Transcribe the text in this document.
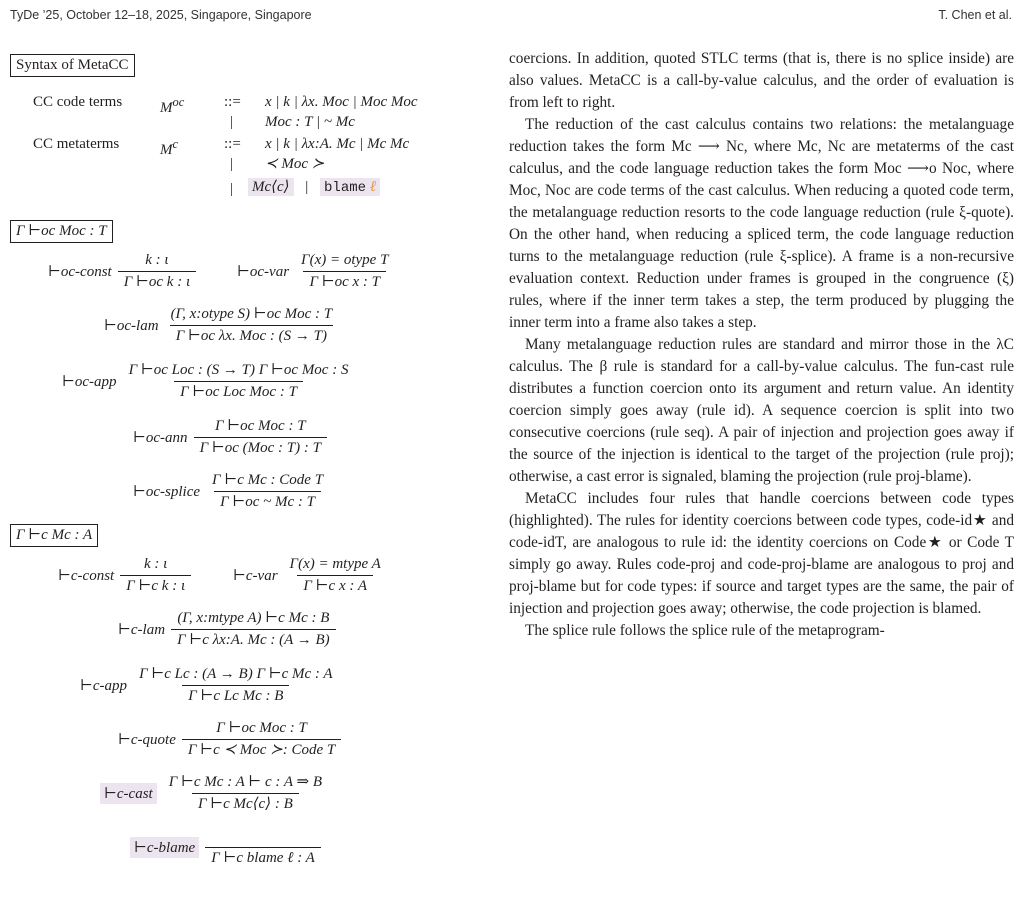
TyDe ’25, October 12–18, 2025, Singapore, Singapore	T. Chen et al.
Syntax of MetaCC
CC code terms	$M^{oc}$	::= x | k | λx. Moc | Moc Moc
| Moc : T | ~ Mc
CC metaterms	$M^c$	::= x | k | λx:A. Mc | Mc Mc
| ≺ Moc ≻
| Mc⟨c⟩ | blame ℓ
Γ ⊢oc Moc : T
⊢oc-const $\frac{k : \iota}{\text{Γ ⊢oc k : ι}}$	⊢oc-var $\frac{\text{Γ(x) = otype T}}{\text{Γ ⊢oc x : T}}$
⊢oc-lam $\frac{\text{(Γ, x:otype S) ⊢oc Moc : T}}{\text{Γ ⊢oc λx. Moc : (S → T)}}$
⊢oc-app $\frac{\text{Γ ⊢oc Loc : (S → T) Γ ⊢oc Moc : S}}{\text{Γ ⊢oc Loc Moc : T}}$
⊢oc-ann $\frac{\text{Γ ⊢oc Moc : T}}{\text{Γ ⊢oc (Moc : T) : T}}$
⊢oc-splice $\frac{\text{Γ ⊢c Mc : Code T}}{\Gamma ⊢oc \sim Mc : T}$
Γ ⊢c Mc : A
⊢c-const $\frac{k : \iota}{\text{Γ ⊢c k : ι}}$	⊢c-var $\frac{\text{Γ(x) = mtype A}}{\text{Γ ⊢c x : A}}$
⊢c-lam $\frac{\text{(Γ, x:mtype A) ⊢c Mc : B}}{\text{Γ ⊢c λx:A. Mc : (A → B)}}$
⊢c-app $\frac{\text{Γ ⊢c Lc : (A → B) Γ ⊢c Mc : A}}{\text{Γ ⊢c Lc Mc : B}}$
⊢c-quote $\frac{\text{Γ ⊢oc Moc : T}}{\text{Γ ⊢c ≺ Moc ≻: Code T}}$
⊢c-cast $\frac{\text{Γ ⊢c Mc : A ⊢ c : A ⇒ B}}{\text{Γ ⊢c Mc⟨c⟩ : B}}$
⊢c-blame

Γ ⊢c blame ℓ : A

coercions. In addition, quoted STLC terms (that is, there is no splice inside) are also values. MetaCC is a call-by-value calculus, and the order of evaluation is from left to right.

The reduction of the cast calculus contains two relations: the metalanguage reduction takes the form Mc ⟶ Nc, where Mc, Nc are metaterms of the cast calculus, and the code language reduction takes the form Moc ⟶o Noc, where Moc, Noc are code terms of the cast calculus. When reducing a quoted code term, the metalanguage reduction resorts to the code language reduction (rule ξ-quote). On the other hand, when reducing a spliced term, the code language reduction turns to the metalanguage reduction (rule ξ-splice). A frame is a non-recursive evaluation context. Reduction under frames is grouped in the congruence (ξ) rules, where if the inner term takes a step, the term produced by plugging the inner term into a frame also takes a step.

Many metalanguage reduction rules are standard and mirror those in the λC calculus. The β rule is standard for a call-by-value calculus. The fun-cast rule distributes a function coercion onto its argument and return value. An identity coercion simply goes away (rule id). A sequence coercion is split into two consecutive coercions (rule seq). A pair of injection and projection goes away if the source of the injection is identical to the target of the projection (rule proj); otherwise, a cast error is signaled, blaming the projection (rule proj-blame).

MetaCC includes four rules that handle coercions between code types (highlighted). The rules for identity coercions between code types, code-id★ and code-idT, are analogous to rule id: the identity coercions on Code★ or Code T simply go away. Rules code-proj and code-proj-blame are analogous to proj and proj-blame but for code types: if source and target types are the same, the pair of injection and projection goes away; otherwise, the code projection is blamed.

The splice rule follows the splice rule of the metaprogram-
